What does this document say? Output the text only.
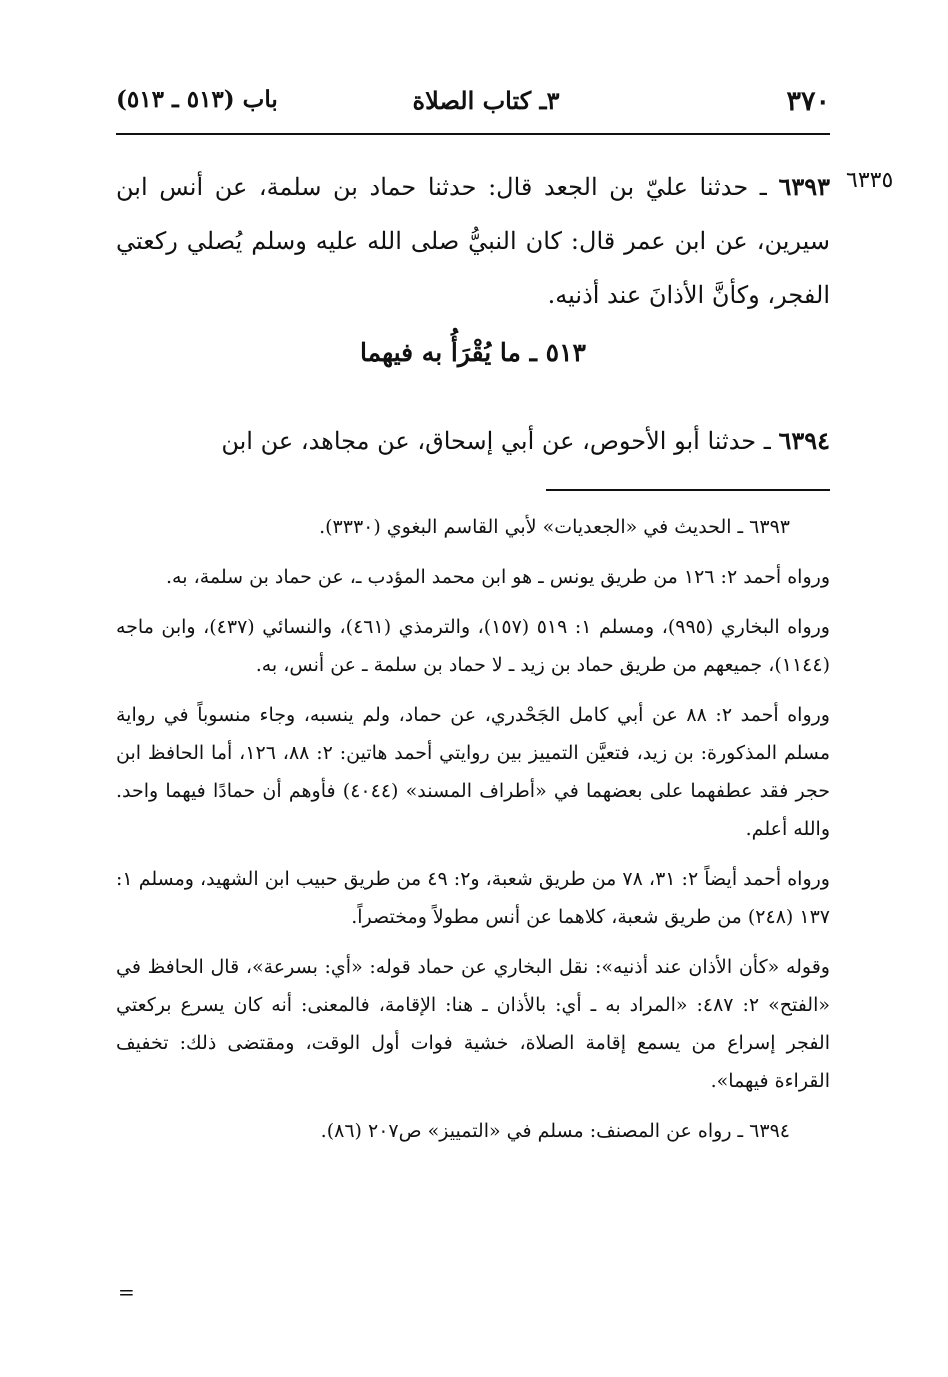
٣٧٠
٣ـ كتاب الصلاة
باب (٥١٣ ـ ٥١٣)
٦٣٣٥
٦٣٩٣ ـ حدثنا عليّ بن الجعد قال: حدثنا حماد بن سلمة، عن أنس ابن سيرين، عن ابن عمر قال: كان النبيُّ صلى الله عليه وسلم يُصلي ركعتي الفجر، وكأنَّ الأذانَ عند أذنيه.
٥١٣ ـ ما يُقْرَأُ به فيهما
٦٣٩٤ ـ حدثنا أبو الأحوص، عن أبي إسحاق، عن مجاهد، عن ابن

٦٣٩٣ ـ الحديث في «الجعديات» لأبي القاسم البغوي (٣٣٣٠).

ورواه أحمد ٢: ١٢٦ من طريق يونس ـ هو ابن محمد المؤدب ـ، عن حماد بن سلمة، به.

ورواه البخاري (٩٩٥)، ومسلم ١: ٥١٩ (١٥٧)، والترمذي (٤٦١)، والنسائي (٤٣٧)، وابن ماجه (١١٤٤)، جميعهم من طريق حماد بن زيد ـ لا حماد بن سلمة ـ عن أنس، به.

ورواه أحمد ٢: ٨٨ عن أبي كامل الجَحْدري، عن حماد، ولم ينسبه، وجاء منسوباً في رواية مسلم المذكورة: بن زيد، فتعيَّن التمييز بين روايتي أحمد هاتين: ٢: ٨٨، ١٢٦، أما الحافظ ابن حجر فقد عطفهما على بعضهما في «أطراف المسند» (٤٠٤٤) فأوهم أن حمادًا فيهما واحد. والله أعلم.

ورواه أحمد أيضاً ٢: ٣١، ٧٨ من طريق شعبة، و٢: ٤٩ من طريق حبيب ابن الشهيد، ومسلم ١: ١٣٧ (٢٤٨) من طريق شعبة، كلاهما عن أنس مطولاً ومختصراً.

وقوله «كأن الأذان عند أذنيه»: نقل البخاري عن حماد قوله: «أي: بسرعة»، قال الحافظ في «الفتح» ٢: ٤٨٧: «المراد به ـ أي: بالأذان ـ هنا: الإقامة، فالمعنى: أنه كان يسرع بركعتي الفجر إسراع من يسمع إقامة الصلاة، خشية فوات أول الوقت، ومقتضى ذلك: تخفيف القراءة فيهما».

٦٣٩٤ ـ رواه عن المصنف: مسلم في «التمييز» ص٢٠٧ (٨٦).

=
